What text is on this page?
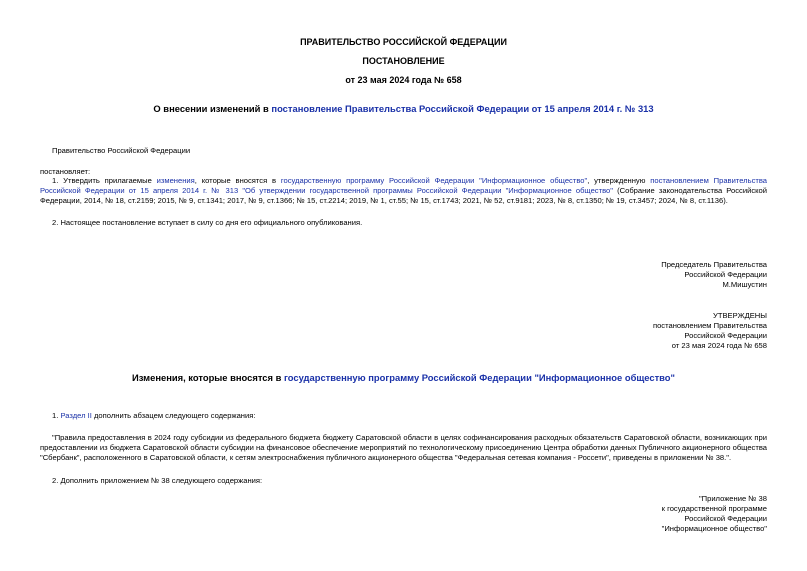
ПРАВИТЕЛЬСТВО РОССИЙСКОЙ ФЕДЕРАЦИИ
ПОСТАНОВЛЕНИЕ
от 23 мая 2024 года № 658
О внесении изменений в постановление Правительства Российской Федерации от 15 апреля 2014 г. № 313
Правительство Российской Федерации
постановляет:
1. Утвердить прилагаемые изменения, которые вносятся в государственную программу Российской Федерации "Информационное общество", утвержденную постановлением Правительства Российской Федерации от 15 апреля 2014 г. № 313 "Об утверждении государственной программы Российской Федерации "Информационное общество" (Собрание законодательства Российской Федерации, 2014, № 18, ст.2159; 2015, № 9, ст.1341; 2017, № 9, ст.1366; № 15, ст.2214; 2019, № 1, ст.55; № 15, ст.1743; 2021, № 52, ст.9181; 2023, № 8, ст.1350; № 19, ст.3457; 2024, № 8, ст.1136).
2. Настоящее постановление вступает в силу со дня его официального опубликования.
Председатель Правительства
Российской Федерации
М.Мишустин
УТВЕРЖДЕНЫ
постановлением Правительства
Российской Федерации
от 23 мая 2024 года № 658
Изменения, которые вносятся в государственную программу Российской Федерации "Информационное общество"
1. Раздел II дополнить абзацем следующего содержания:
"Правила предоставления в 2024 году субсидии из федерального бюджета бюджету Саратовской области в целях софинансирования расходных обязательств Саратовской области, возникающих при предоставлении из бюджета Саратовской области субсидии на финансовое обеспечение мероприятий по технологическому присоединению Центра обработки данных Публичного акционерного общества "Сбербанк", расположенного в Саратовской области, к сетям электроснабжения публичного акционерного общества "Федеральная сетевая компания - Россети", приведены в приложении № 38.".
2. Дополнить приложением № 38 следующего содержания:
"Приложение № 38
к государственной программе
Российской Федерации
"Информационное общество"
